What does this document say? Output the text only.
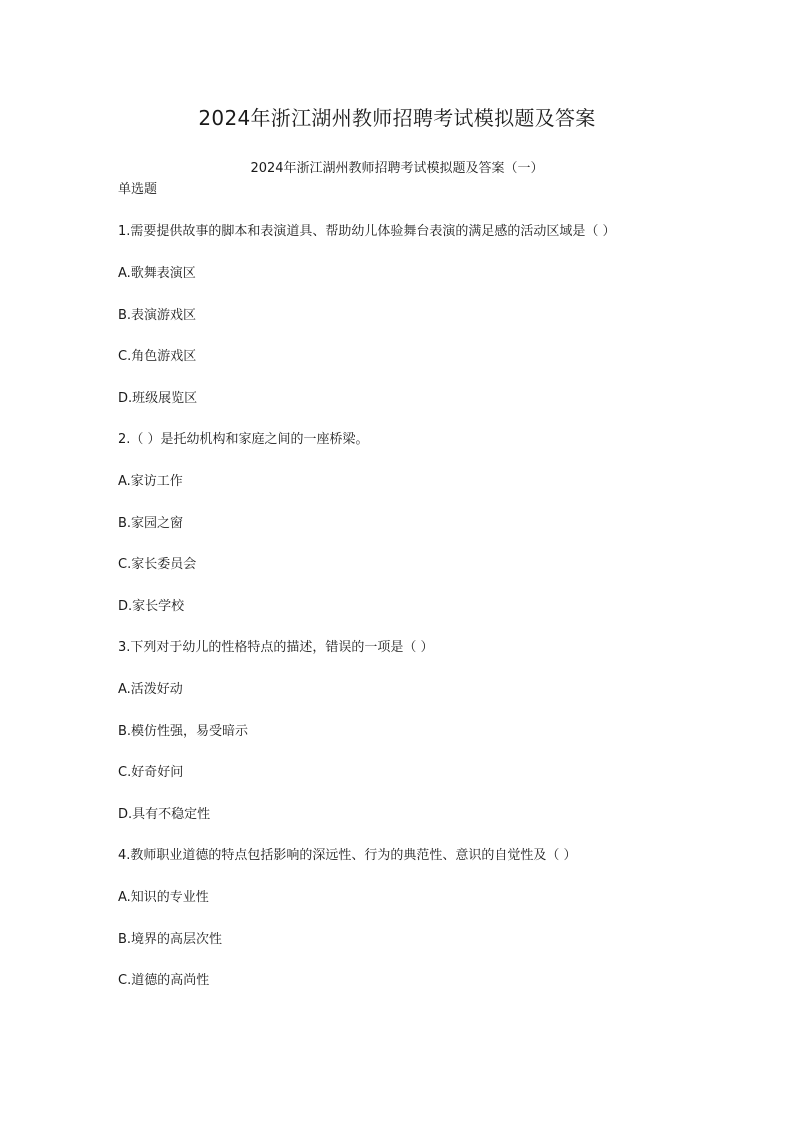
2024年浙江湖州教师招聘考试模拟题及答案
2024年浙江湖州教师招聘考试模拟题及答案（一）
单选题
1.需要提供故事的脚本和表演道具、帮助幼儿体验舞台表演的满足感的活动区域是（ ）
A.歌舞表演区
B.表演游戏区
C.角色游戏区
D.班级展览区
2.（ ）是托幼机构和家庭之间的一座桥梁。
A.家访工作
B.家园之窗
C.家长委员会
D.家长学校
3.下列对于幼儿的性格特点的描述，错误的一项是（ ）
A.活泼好动
B.模仿性强，易受暗示
C.好奇好问
D.具有不稳定性
4.教师职业道德的特点包括影响的深远性、行为的典范性、意识的自觉性及（ ）
A.知识的专业性
B.境界的高层次性
C.道德的高尚性
